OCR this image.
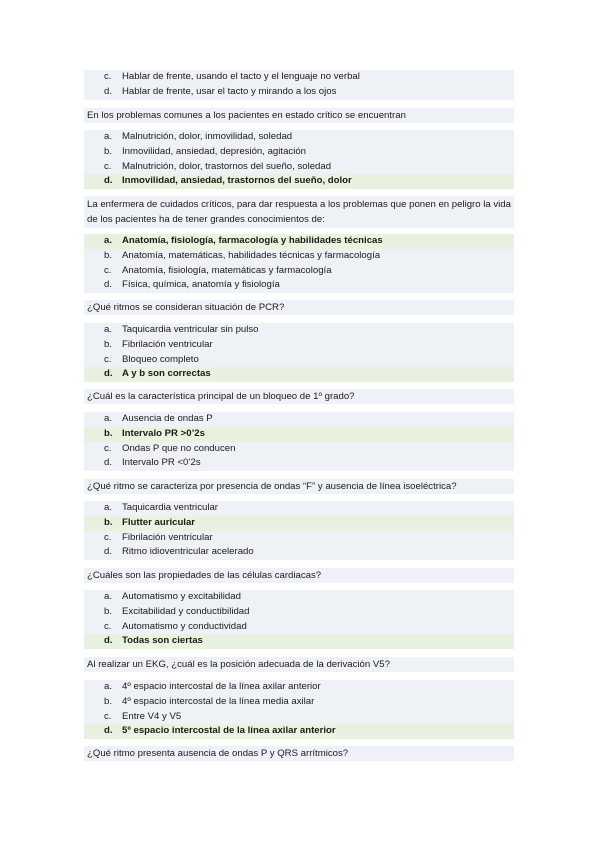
c.	Hablar de frente, usando el tacto y el lenguaje no verbal
d.	Hablar de frente, usar el tacto y mirando a los ojos
En los problemas comunes a los pacientes en estado crítico se encuentran
a.	Malnutrición, dolor, inmovilidad, soledad
b.	Inmovilidad, ansiedad, depresión, agitación
c.	Malnutrición, dolor, trastornos del sueño, soledad
d. Inmovilidad, ansiedad, trastornos del sueño, dolor
La enfermera de cuidados críticos, para dar respuesta a los problemas que ponen en peligro la vida de los pacientes ha de tener grandes conocimientos de:
a.	Anatomía, fisiología, farmacología y habilidades técnicas
b.	Anatomía, matemáticas, habilidades técnicas y farmacología
c.	Anatomía, fisiología, matemáticas y farmacología
d.	Física, química, anatomía y fisiología
¿Qué ritmos se consideran situación de PCR?
a.	Taquicardia ventricular sin pulso
b.	Fibrilación ventricular
c.	Bloqueo completo
d. A y b son correctas
¿Cuál es la característica principal de un bloqueo de 1º grado?
a.	Ausencia de ondas P
b. Intervalo PR >0’2s
c.	Ondas P que no conducen
d.	Intervalo PR <0’2s
¿Qué ritmo se caracteriza por presencia de ondas “F” y ausencia de línea isoeléctrica?
a.	Taquicardia ventricular
b. Flutter auricular
c.	Fibrilación ventricular
d.	Ritmo idioventricular acelerado
¿Cuáles son las propiedades de las células cardiacas?
a.	Automatismo y excitabilidad
b.	Excitabilidad y conductibilidad
c.	Automatismo y conductividad
d. Todas son ciertas
Al realizar un EKG, ¿cuál es la posición adecuada de la derivación V5?
a.	4º espacio intercostal de la línea axilar anterior
b.	4º espacio intercostal de la línea media axilar
c.	Entre V4 y V5
d. 5º espacio intercostal de la línea axilar anterior
¿Qué ritmo presenta ausencia de ondas P y QRS arrítmicos?
